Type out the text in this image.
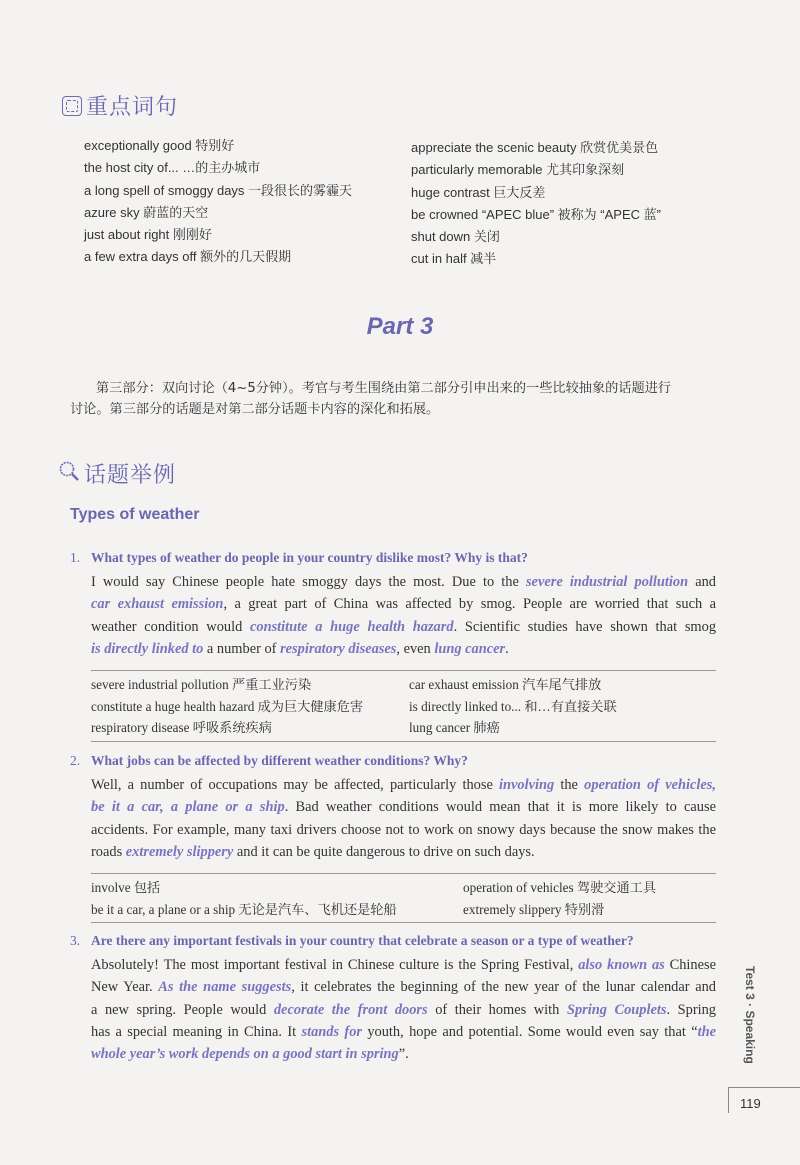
重点词句
exceptionally good 特别好
the host city of... …的主办城市
a long spell of smoggy days 一段很长的雾霾天
azure sky 蔚蓝的天空
just about right 刚刚好
a few extra days off 额外的几天假期
appreciate the scenic beauty 欣赏优美景色
particularly memorable 尤其印象深刻
huge contrast 巨大反差
be crowned “APEC blue” 被称为 “APEC 蓝”
shut down 关闭
cut in half 减半
Part 3
第三部分：双向讨论（4~5分钟）。考官与考生围绕由第二部分引申出来的一些比较抽象的话题进行
讨论。第三部分的话题是对第二部分话题卡内容的深化和拓展。
话题举例
Types of weather
1. What types of weather do people in your country dislike most? Why is that?
I would say Chinese people hate smoggy days the most. Due to the severe industrial pollution and
car exhaust emission, a great part of China was affected by smog. People are worried that such a
weather condition would constitute a huge health hazard. Scientific studies have shown that smog
is directly linked to a number of respiratory diseases, even lung cancer.
severe industrial pollution 严重工业污染
constitute a huge health hazard 成为巨大健康危害
respiratory disease 呼吸系统疾病
car exhaust emission 汽车尾气排放
is directly linked to... 和…有直接关联
lung cancer 肺癌
2. What jobs can be affected by different weather conditions? Why?
Well, a number of occupations may be affected, particularly those involving the operation of vehicles,
be it a car, a plane or a ship. Bad weather conditions would mean that it is more likely to cause
accidents. For example, many taxi drivers choose not to work on snowy days because the snow makes the
roads extremely slippery and it can be quite dangerous to drive on such days.
involve 包括
be it a car, a plane or a ship 无论是汽车、飞机还是轮船
operation of vehicles 驾驶交通工具
extremely slippery 特别滑
3. Are there any important festivals in your country that celebrate a season or a type of weather?
Absolutely! The most important festival in Chinese culture is the Spring Festival, also known as Chinese
New Year. As the name suggests, it celebrates the beginning of the new year of the lunar calendar and
a new spring. People would decorate the front doors of their homes with Spring Couplets. Spring
has a special meaning in China. It stands for youth, hope and potential. Some would even say that “the
whole year’s work depends on a good start in spring”.	Test 3 · Speaking
119
